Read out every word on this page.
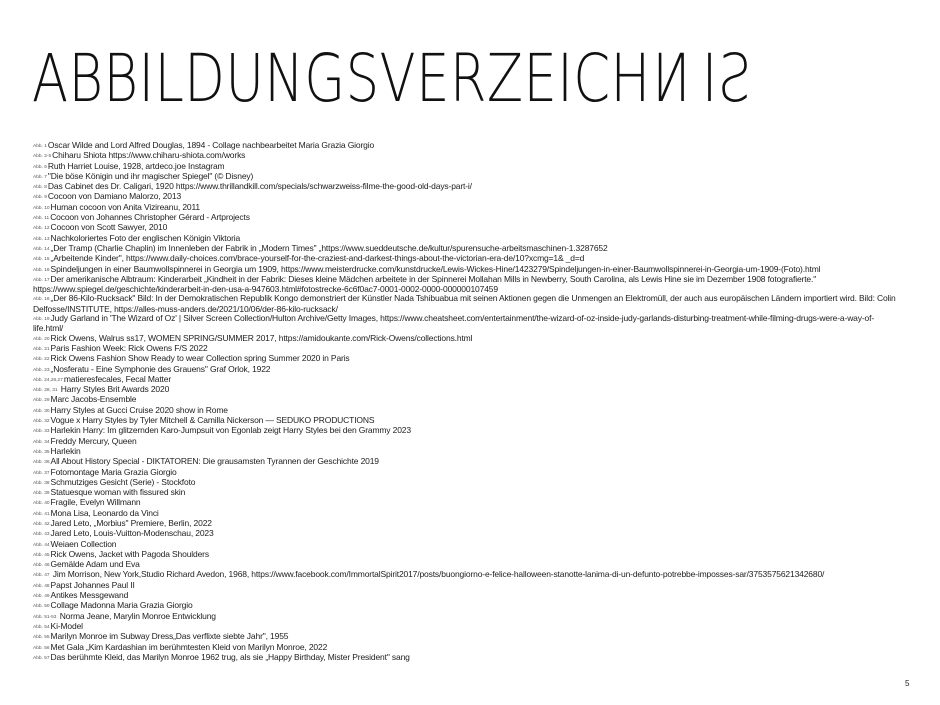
ABBILDUNGSVERZEICHN IS
Abb. 1Oscar Wilde and Lord Alfred Douglas, 1894 - Collage nachbearbeitet Maria Grazia Giorgio
Abb. 2-5Chiharu Shiota https://www.chiharu-shiota.com/works
Abb. 6Ruth Harriet Louise, 1928, artdeco.joe Instagram
Abb. 7"Die böse Königin und ihr magischer Spiegel" (© Disney)
Abb. 8Das Cabinet des Dr. Caligari, 1920 https://www.thrillandkill.com/specials/schwarzweiss-filme-the-good-old-days-part-i/
Abb. 9Cocoon von Damiano Malorzo, 2013
Abb. 10Human cocoon von Anita Vizireanu, 2011
Abb. 11Cocoon von Johannes Christopher Gérard - Artprojects
Abb. 12Cocoon von Scott Sawyer, 2010
Abb. 13Nachkoloriertes Foto der englischen Königin Viktoria
Abb. 14„Der Tramp (Charlie Chaplin) im Innenleben der Fabrik in „Modern Times" „https://www.sueddeutsche.de/kultur/spurensuche-arbeitsmaschinen-1.3287652
Abb. 15„Arbeitende Kinder", https://www.daily-choices.com/brace-yourself-for-the-craziest-and-darkest-things-about-the-victorian-era-de/10?xcmg=1& _d=d
Abb. 16Spindeljungen in einer Baumwollspinnerei in Georgia um 1909, https://www.meisterdrucke.com/kunstdrucke/Lewis-Wickes-Hine/1423279/Spindeljungen-in-einer-Baumwollspinnerei-in-Georgia-um-1909-(Foto).html
Abb. 17Der amerikanische Albtraum: Kinderarbeit „Kindheit in der Fabrik: Dieses kleine Mädchen arbeitete in der Spinnerei Mollahan Mills in Newberry, South Carolina, als Lewis Hine sie im Dezember 1908 fotografierte." https://www.spiegel.de/geschichte/kinderarbeit-in-den-usa-a-947603.html#fotostrecke-6c6f0ac7-0001-0002-0000-000000107459
Abb. 18„Der 86-Kilo-Rucksack" Bild: In der Demokratischen Republik Kongo demonstriert der Künstler Nada Tshibuabua mit seinen Aktionen gegen die Unmengen an Elektromüll, der auch aus europäischen Ländern importiert wird. Bild: Colin Delfosse/INSTITUTE, https://alles-muss-anders.de/2021/10/06/der-86-kilo-rucksack/
Abb. 19Judy Garland in 'The Wizard of Oz' | Silver Screen Collection/Hulton Archive/Getty Images, https://www.cheatsheet.com/entertainment/the-wizard-of-oz-inside-judy-garlands-disturbing-treatment-while-filming-drugs-were-a-way-of-life.html/
Abb. 20Rick Owens, Walrus ss17, WOMEN SPRING/SUMMER 2017, https://amidoukante.com/Rick-Owens/collections.html
Abb. 21Paris Fashion Week: Rick Owens F/S 2022
Abb. 22Rick Owens Fashion Show Ready to wear Collection spring Summer 2020 in Paris
Abb. 23„Nosferatu - Eine Symphonie des Grauens" Graf Orlok, 1922
Abb. 24,26,27matieresfecales, Fecal Matter
Abb. 28, 31 Harry Styles Brit Awards 2020
Abb. 29Marc Jacobs-Ensemble
Abb. 30Harry Styles at Gucci Cruise 2020 show in Rome
Abb. 32Vogue x Harry Styles by Tyler Mitchell & Camilla Nickerson — SEDUKO PRODUCTIONS
Abb. 33Harlekin Harry: Im glitzernden Karo-Jumpsuit von Egonlab zeigt Harry Styles bei den Grammy 2023
Abb. 34Freddy Mercury, Queen
Abb. 35Harlekin
Abb. 36All About History Special - DIKTATOREN: Die grausamsten Tyrannen der Geschichte 2019
Abb. 37Fotomontage Maria Grazia Giorgio
Abb. 38Schmutziges Gesicht (Serie) - Stockfoto
Abb. 39Statuesque woman with fissured skin
Abb. 40Fragile, Evelyn Willmann
Abb. 41Mona Lisa, Leonardo da Vinci
Abb. 42Jared Leto, „Morbius" Premiere, Berlin, 2022
Abb. 43Jared Leto, Louis-Vuitton-Modenschau, 2023
Abb. 44Weiaen Collection
Abb. 45Rick Owens, Jacket with Pagoda Shoulders
Abb. 46Gemälde Adam und Eva
Abb. 47 Jim Morrison, New York,Studio Richard Avedon, 1968, https://www.facebook.com/ImmortalSpirit2017/posts/buongiorno-e-felice-halloween-stanotte-lanima-di-un-defunto-potrebbe-imposses-sar/3753575621342680/
Abb. 48Papst Johannes Paul II
Abb. 49Antikes Messgewand
Abb. 50Collage Madonna Maria Grazia Giorgio
Abb. 51-53 Norma Jeane, Marylin Monroe Entwicklung
Abb. 54Ki-Model
Abb. 55Marilyn Monroe im Subway Dress„Das verflixte siebte Jahr", 1955
Abb. 56Met Gala „Kim Kardashian im berühmtesten Kleid von Marilyn Monroe, 2022
Abb. 57Das berühmte Kleid, das Marilyn Monroe 1962 trug, als sie „Happy Birthday, Mister President" sang
5
